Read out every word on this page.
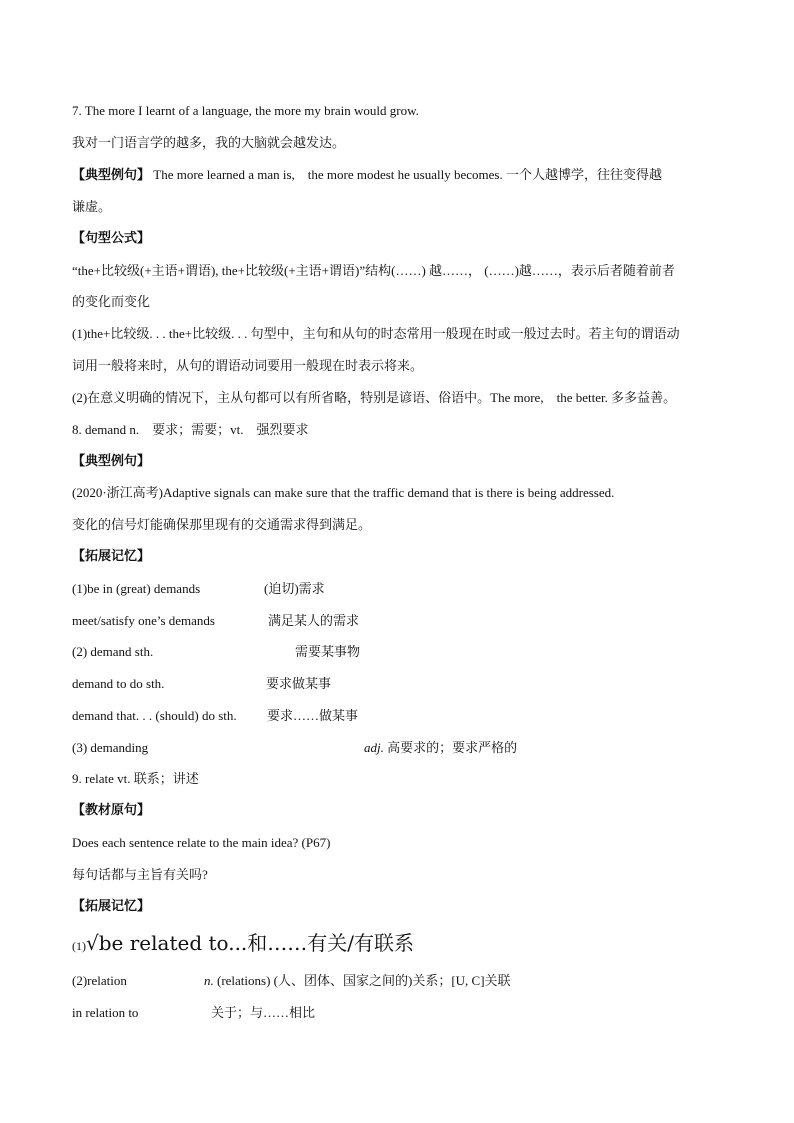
7. The more I learnt of a language, the more my brain would grow.
我对一门语言学的越多，我的大脑就会越发达。
【典型例句】 The more learned a man is,　the more modest he usually becomes. 一个人越博学，往往变得越
谦虚。
【句型公式】
“the+比较级(+主语+谓语), the+比较级(+主语+谓语)”结构(……) 越……， (……)越……，表示后者随着前者
的变化而变化
(1)the+比较级. . . the+比较级. . . 句型中，主句和从句的时态常用一般现在时或一般过去时。若主句的谓语动
词用一般将来时，从句的谓语动词要用一般现在时表示将来。
(2)在意义明确的情况下，主从句都可以有所省略，特别是谚语、俗语中。The more,　the better. 多多益善。
8. demand n.　要求；需要；vt.　强烈要求
【典型例句】
(2020·浙江高考)Adaptive signals can make sure that the traffic demand that is there is being addressed.
变化的信号灯能确保那里现有的交通需求得到满足。
【拓展记忆】
(1)be in (great) demands	(迫切)需求
meet/satisfy one’s demands	满足某人的需求
(2) demand sth.	需要某事物
demand to do sth.	要求做某事
demand that. . . (should) do sth. 要求……做某事
(3) demanding	adj. 高要求的；要求严格的
9. relate vt. 联系；讲述
【教材原句】
Does each sentence relate to the main idea? (P67)
每句话都与主旨有关吗?
【拓展记忆】
(1)√be related to...和……有关/有联系
(2)relation	n. (relations) (人、团体、国家之间的)关系；[U, C]关联
in relation to	关于；与……相比
